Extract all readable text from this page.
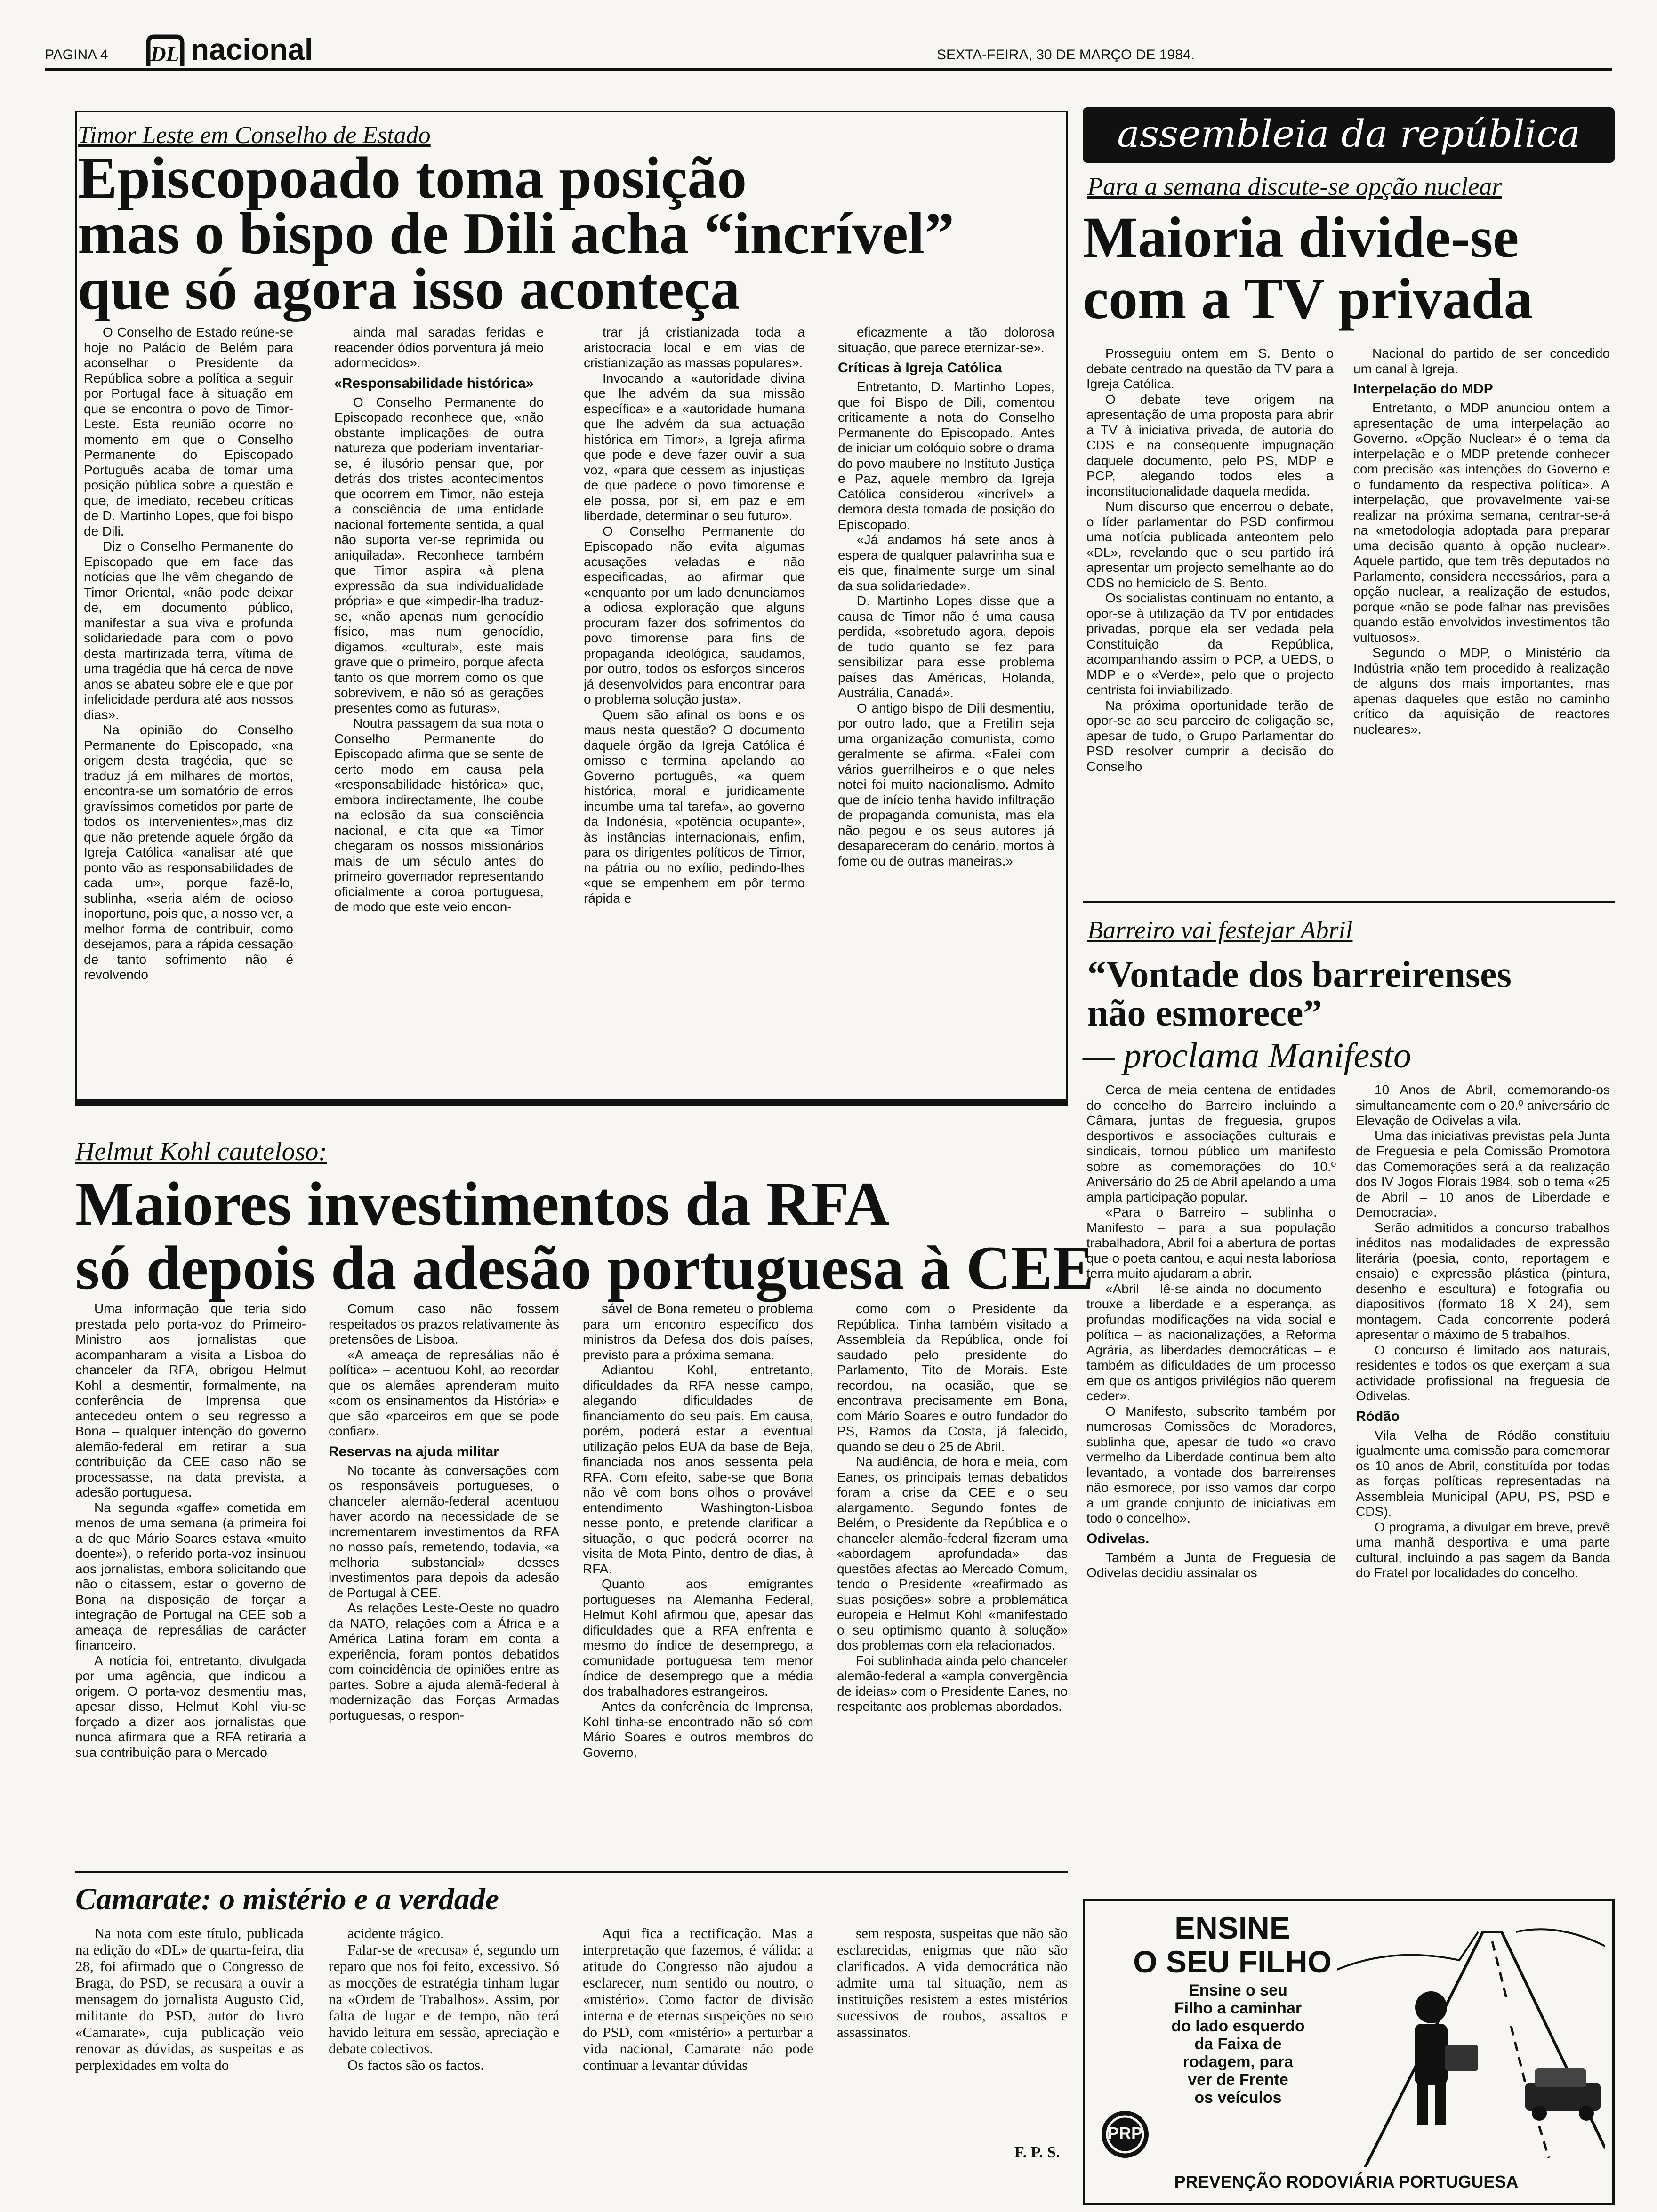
PAGINA 4 DL nacional	SEXTA-FEIRA, 30 DE MARÇO DE 1984.
Timor Leste em Conselho de Estado
Episcopoado toma posição
mas o bispo de Dili acha “incrível”
que só agora isso aconteça

O Conselho de Estado reúne-se hoje no Palácio de Belém para aconselhar o Presidente da República sobre a política a seguir por Portugal face à situação em que se encontra o povo de Timor-Leste. Esta reunião ocorre no momento em que o Conselho Permanente do Episcopado Português acaba de tomar uma posição pública sobre a questão e que, de imediato, recebeu críticas de D. Martinho Lopes, que foi bispo de Dili.

Diz o Conselho Permanente do Episcopado que em face das notícias que lhe vêm chegando de Timor Oriental, «não pode deixar de, em documento público, manifestar a sua viva e profunda solidariedade para com o povo desta martirizada terra, vítima de uma tragédia que há cerca de nove anos se abateu sobre ele e que por infelicidade perdura até aos nossos dias».

Na opinião do Conselho Permanente do Episcopado, «na origem desta tragédia, que se traduz já em milhares de mortos, encontra-se um somatório de erros gravíssimos cometidos por parte de todos os intervenientes»,mas diz que não pretende aquele órgão da Igreja Católica «analisar até que ponto vão as responsabilidades de cada um», porque fazê-lo, sublinha, «seria além de ocioso inoportuno, pois que, a nosso ver, a melhor forma de contribuir, como desejamos, para a rápida cessação de tanto sofrimento não é revolvendo

ainda mal saradas feridas e reacender ódios porventura já meio adormecidos».

«Responsabilidade histórica»

O Conselho Permanente do Episcopado reconhece que, «não obstante implicações de outra natureza que poderiam inventariar-se, é ilusório pensar que, por detrás dos tristes acontecimentos que ocorrem em Timor, não esteja a consciência de uma entidade nacional fortemente sentida, a qual não suporta ver-se reprimida ou aniquilada». Reconhece também que Timor aspira «à plena expressão da sua individualidade própria» e que «impedir-lha traduz-se, «não apenas num genocídio físico, mas num genocídio, digamos, «cultural», este mais grave que o primeiro, porque afecta tanto os que morrem como os que sobrevivem, e não só as gerações presentes como as futuras».

Noutra passagem da sua nota o Conselho Permanente do Episcopado afirma que se sente de certo modo em causa pela «responsabilidade histórica» que, embora indirectamente, lhe coube na eclosão da sua consciência nacional, e cita que «a Timor chegaram os nossos missionários mais de um século antes do primeiro governador representando oficialmente a coroa portuguesa, de modo que este veio encon-

trar já cristianizada toda a aristocracia local e em vias de cristianização as massas populares».

Invocando a «autoridade divina que lhe advém da sua missão específica» e a «autoridade humana que lhe advém da sua actuação histórica em Timor», a Igreja afirma que pode e deve fazer ouvir a sua voz, «para que cessem as injustiças de que padece o povo timorense e ele possa, por si, em paz e em liberdade, determinar o seu futuro».

O Conselho Permanente do Episcopado não evita algumas acusações veladas e não especificadas, ao afirmar que «enquanto por um lado denunciamos a odiosa exploração que alguns procuram fazer dos sofrimentos do povo timorense para fins de propaganda ideológica, saudamos, por outro, todos os esforços sinceros já desenvolvidos para encontrar para o problema solução justa».

Quem são afinal os bons e os maus nesta questão? O documento daquele órgão da Igreja Católica é omisso e termina apelando ao Governo português, «a quem histórica, moral e juridicamente incumbe uma tal tarefa», ao governo da Indonésia, «potência ocupante», às instâncias internacionais, enfim, para os dirigentes políticos de Timor, na pátria ou no exílio, pedindo-lhes «que se empenhem em pôr termo rápida e

eficazmente a tão dolorosa situação, que parece eternizar-se».

Críticas à Igreja Católica

Entretanto, D. Martinho Lopes, que foi Bispo de Dili, comentou criticamente a nota do Conselho Permanente do Episcopado. Antes de iniciar um colóquio sobre o drama do povo maubere no Instituto Justiça e Paz, aquele membro da Igreja Católica considerou «incrível» a demora desta tomada de posição do Episcopado.

«Já andamos há sete anos à espera de qualquer palavrinha sua e eis que, finalmente surge um sinal da sua solidariedade».

D. Martinho Lopes disse que a causa de Timor não é uma causa perdida, «sobretudo agora, depois de tudo quanto se fez para sensibilizar para esse problema países das Américas, Holanda, Austrália, Canadá».

O antigo bispo de Dili desmentiu, por outro lado, que a Fretilin seja uma organização comunista, como geralmente se afirma. «Falei com vários guerrilheiros e o que neles notei foi muito nacionalismo. Admito que de início tenha havido infiltração de propaganda comunista, mas ela não pegou e os seus autores já desapareceram do cenário, mortos à fome ou de outras maneiras.»

assembleia da república
Para a semana discute-se opção nuclear
Maioria divide-se
com a TV privada

Prosseguiu ontem em S. Bento o debate centrado na questão da TV para a Igreja Católica.

O debate teve origem na apresentação de uma proposta para abrir a TV à iniciativa privada, de autoria do CDS e na consequente impugnação daquele documento, pelo PS, MDP e PCP, alegando todos eles a inconstitucionalidade daquela medida.

Num discurso que encerrou o debate, o líder parlamentar do PSD confirmou uma notícia publicada anteontem pelo «DL», revelando que o seu partido irá apresentar um projecto semelhante ao do CDS no hemiciclo de S. Bento.

Os socialistas continuam no entanto, a opor-se à utilização da TV por entidades privadas, porque ela ser vedada pela Constituição da República, acompanhando assim o PCP, a UEDS, o MDP e o «Verde», pelo que o projecto centrista foi inviabilizado.

Na próxima oportunidade terão de opor-se ao seu parceiro de coligação se, apesar de tudo, o Grupo Parlamentar do PSD resolver cumprir a decisão do Conselho

Nacional do partido de ser concedido um canal à Igreja.

Interpelação do MDP

Entretanto, o MDP anunciou ontem a apresentação de uma interpelação ao Governo. «Opção Nuclear» é o tema da interpelação e o MDP pretende conhecer com precisão «as intenções do Governo e o fundamento da respectiva política». A interpelação, que provavelmente vai-se realizar na próxima semana, centrar-se-á na «metodologia adoptada para preparar uma decisão quanto à opção nuclear». Aquele partido, que tem três deputados no Parlamento, considera necessários, para a opção nuclear, a realização de estudos, porque «não se pode falhar nas previsões quando estão envolvidos investimentos tão vultuosos».

Segundo o MDP, o Ministério da Indústria «não tem procedido à realização de alguns dos mais importantes, mas apenas daqueles que estão no caminho crítico da aquisição de reactores nucleares».

Barreiro vai festejar Abril
“Vontade dos barreirenses
não esmorece”
— proclama Manifesto

Cerca de meia centena de entidades do concelho do Barreiro incluindo a Câmara, juntas de freguesia, grupos desportivos e associações culturais e sindicais, tornou público um manifesto sobre as comemorações do 10.º Aniversário do 25 de Abril apelando a uma ampla participação popular.

«Para o Barreiro – sublinha o Manifesto – para a sua população trabalhadora, Abril foi a abertura de portas que o poeta cantou, e aqui nesta laboriosa terra muito ajudaram a abrir.

«Abril – lê-se ainda no documento – trouxe a liberdade e a esperança, as profundas modificações na vida social e política – as nacionalizações, a Reforma Agrária, as liberdades democráticas – e também as dificuldades de um processo em que os antigos privilégios não querem ceder».

O Manifesto, subscrito também por numerosas Comissões de Moradores, sublinha que, apesar de tudo «o cravo vermelho da Liberdade continua bem alto levantado, a vontade dos barreirenses não esmorece, por isso vamos dar corpo a um grande conjunto de iniciativas em todo o concelho».

Odivelas.

Também a Junta de Freguesia de Odivelas decidiu assinalar os

10 Anos de Abril, comemorando-os simultaneamente com o 20.º aniversário de Elevação de Odivelas a vila.

Uma das iniciativas previstas pela Junta de Freguesia e pela Comissão Promotora das Comemorações será a da realização dos IV Jogos Florais 1984, sob o tema «25 de Abril – 10 anos de Liberdade e Democracia».

Serão admitidos a concurso trabalhos inéditos nas modalidades de expressão literária (poesia, conto, reportagem e ensaio) e expressão plástica (pintura, desenho e escultura) e fotografia ou diapositivos (formato 18 X 24), sem montagem. Cada concorrente poderá apresentar o máximo de 5 trabalhos.

O concurso é limitado aos naturais, residentes e todos os que exerçam a sua actividade profissional na freguesia de Odivelas.

Ródão

Vila Velha de Ródão constituiu igualmente uma comissão para comemorar os 10 anos de Abril, constituída por todas as forças políticas representadas na Assembleia Municipal (APU, PS, PSD e CDS).

O programa, a divulgar em breve, prevê uma manhã desportiva e uma parte cultural, incluindo a pas sagem da Banda do Fratel por localidades do concelho.

Helmut Kohl cauteloso:
Maiores investimentos da RFA
só depois da adesão portuguesa à CEE

Uma informação que teria sido prestada pelo porta-voz do Primeiro-Ministro aos jornalistas que acompanharam a visita a Lisboa do chanceler da RFA, obrigou Helmut Kohl a desmentir, formalmente, na conferência de Imprensa que antecedeu ontem o seu regresso a Bona – qualquer intenção do governo alemão-federal em retirar a sua contribuição da CEE caso não se processasse, na data prevista, a adesão portuguesa.

Na segunda «gaffe» cometida em menos de uma semana (a primeira foi a de que Mário Soares estava «muito doente»), o referido porta-voz insinuou aos jornalistas, embora solicitando que não o citassem, estar o governo de Bona na disposição de forçar a integração de Portugal na CEE sob a ameaça de represálias de carácter financeiro.

A notícia foi, entretanto, divulgada por uma agência, que indicou a origem. O porta-voz desmentiu mas, apesar disso, Helmut Kohl viu-se forçado a dizer aos jornalistas que nunca afirmara que a RFA retiraria a sua contribuição para o Mercado

Comum caso não fossem respeitados os prazos relativamente às pretensões de Lisboa.

«A ameaça de represálias não é política» – acentuou Kohl, ao recordar que os alemães aprenderam muito «com os ensinamentos da História» e que são «parceiros em que se pode confiar».

Reservas na ajuda militar

No tocante às conversações com os responsáveis portugueses, o chanceler alemão-federal acentuou haver acordo na necessidade de se incrementarem investimentos da RFA no nosso país, remetendo, todavia, «a melhoria substancial» desses investimentos para depois da adesão de Portugal à CEE.

As relações Leste-Oeste no quadro da NATO, relações com a África e a América Latina foram em conta a experiência, foram pontos debatidos com coincidência de opiniões entre as partes. Sobre a ajuda alemã-federal à modernização das Forças Armadas portuguesas, o respon-

sável de Bona remeteu o problema para um encontro específico dos ministros da Defesa dos dois países, previsto para a próxima semana.

Adiantou Kohl, entretanto, dificuldades da RFA nesse campo, alegando dificuldades de financiamento do seu país. Em causa, porém, poderá estar a eventual utilização pelos EUA da base de Beja, financiada nos anos sessenta pela RFA. Com efeito, sabe-se que Bona não vê com bons olhos o provável entendimento Washington-Lisboa nesse ponto, e pretende clarificar a situação, o que poderá ocorrer na visita de Mota Pinto, dentro de dias, à RFA.

Quanto aos emigrantes portugueses na Alemanha Federal, Helmut Kohl afirmou que, apesar das dificuldades que a RFA enfrenta e mesmo do índice de desemprego, a comunidade portuguesa tem menor índice de desemprego que a média dos trabalhadores estrangeiros.

Antes da conferência de Imprensa, Kohl tinha-se encontrado não só com Mário Soares e outros membros do Governo,

como com o Presidente da República. Tinha também visitado a Assembleia da República, onde foi saudado pelo presidente do Parlamento, Tito de Morais. Este recordou, na ocasião, que se encontrava precisamente em Bona, com Mário Soares e outro fundador do PS, Ramos da Costa, já falecido, quando se deu o 25 de Abril.

Na audiência, de hora e meia, com Eanes, os principais temas debatidos foram a crise da CEE e o seu alargamento. Segundo fontes de Belém, o Presidente da República e o chanceler alemão-federal fizeram uma «abordagem aprofundada» das questões afectas ao Mercado Comum, tendo o Presidente «reafirmado as suas posições» sobre a problemática europeia e Helmut Kohl «manifestado o seu optimismo quanto à solução» dos problemas com ela relacionados.

Foi sublinhada ainda pelo chanceler alemão-federal a «ampla convergência de ideias» com o Presidente Eanes, no respeitante aos problemas abordados.

ENSINE
O SEU FILHO
Ensine o seu
Filho a caminhar
do lado esquerdo
da Faixa de
rodagem, para
ver de Frente
os veículos
PRP
PREVENÇÃO RODOVIÁRIA PORTUGUESA
Camarate: o mistério e a verdade

Na nota com este título, publicada na edição do «DL» de quarta-feira, dia 28, foi afirmado que o Congresso de Braga, do PSD, se recusara a ouvir a mensagem do jornalista Augusto Cid, militante do PSD, autor do livro «Camarate», cuja publicação veio renovar as dúvidas, as suspeitas e as perplexidades em volta do

acidente trágico.

Falar-se de «recusa» é, segundo um reparo que nos foi feito, excessivo. Só as mocções de estratégia tinham lugar na «Ordem de Trabalhos». Assim, por falta de lugar e de tempo, não terá havido leitura em sessão, apreciação e debate colectivos.

Os factos são os factos.

Aqui fica a rectificação. Mas a interpretação que fazemos, é válida: a atitude do Congresso não ajudou a esclarecer, num sentido ou noutro, o «mistério». Como factor de divisão interna e de eternas suspeições no seio do PSD, com «mistério» a perturbar a vida nacional, Camarate não pode continuar a levantar dúvidas

sem resposta, suspeitas que não são esclarecidas, enigmas que não são clarificados. A vida democrática não admite uma tal situação, nem as instituições resistem a estes mistérios sucessivos de roubos, assaltos e assassinatos.

F. P. S.
